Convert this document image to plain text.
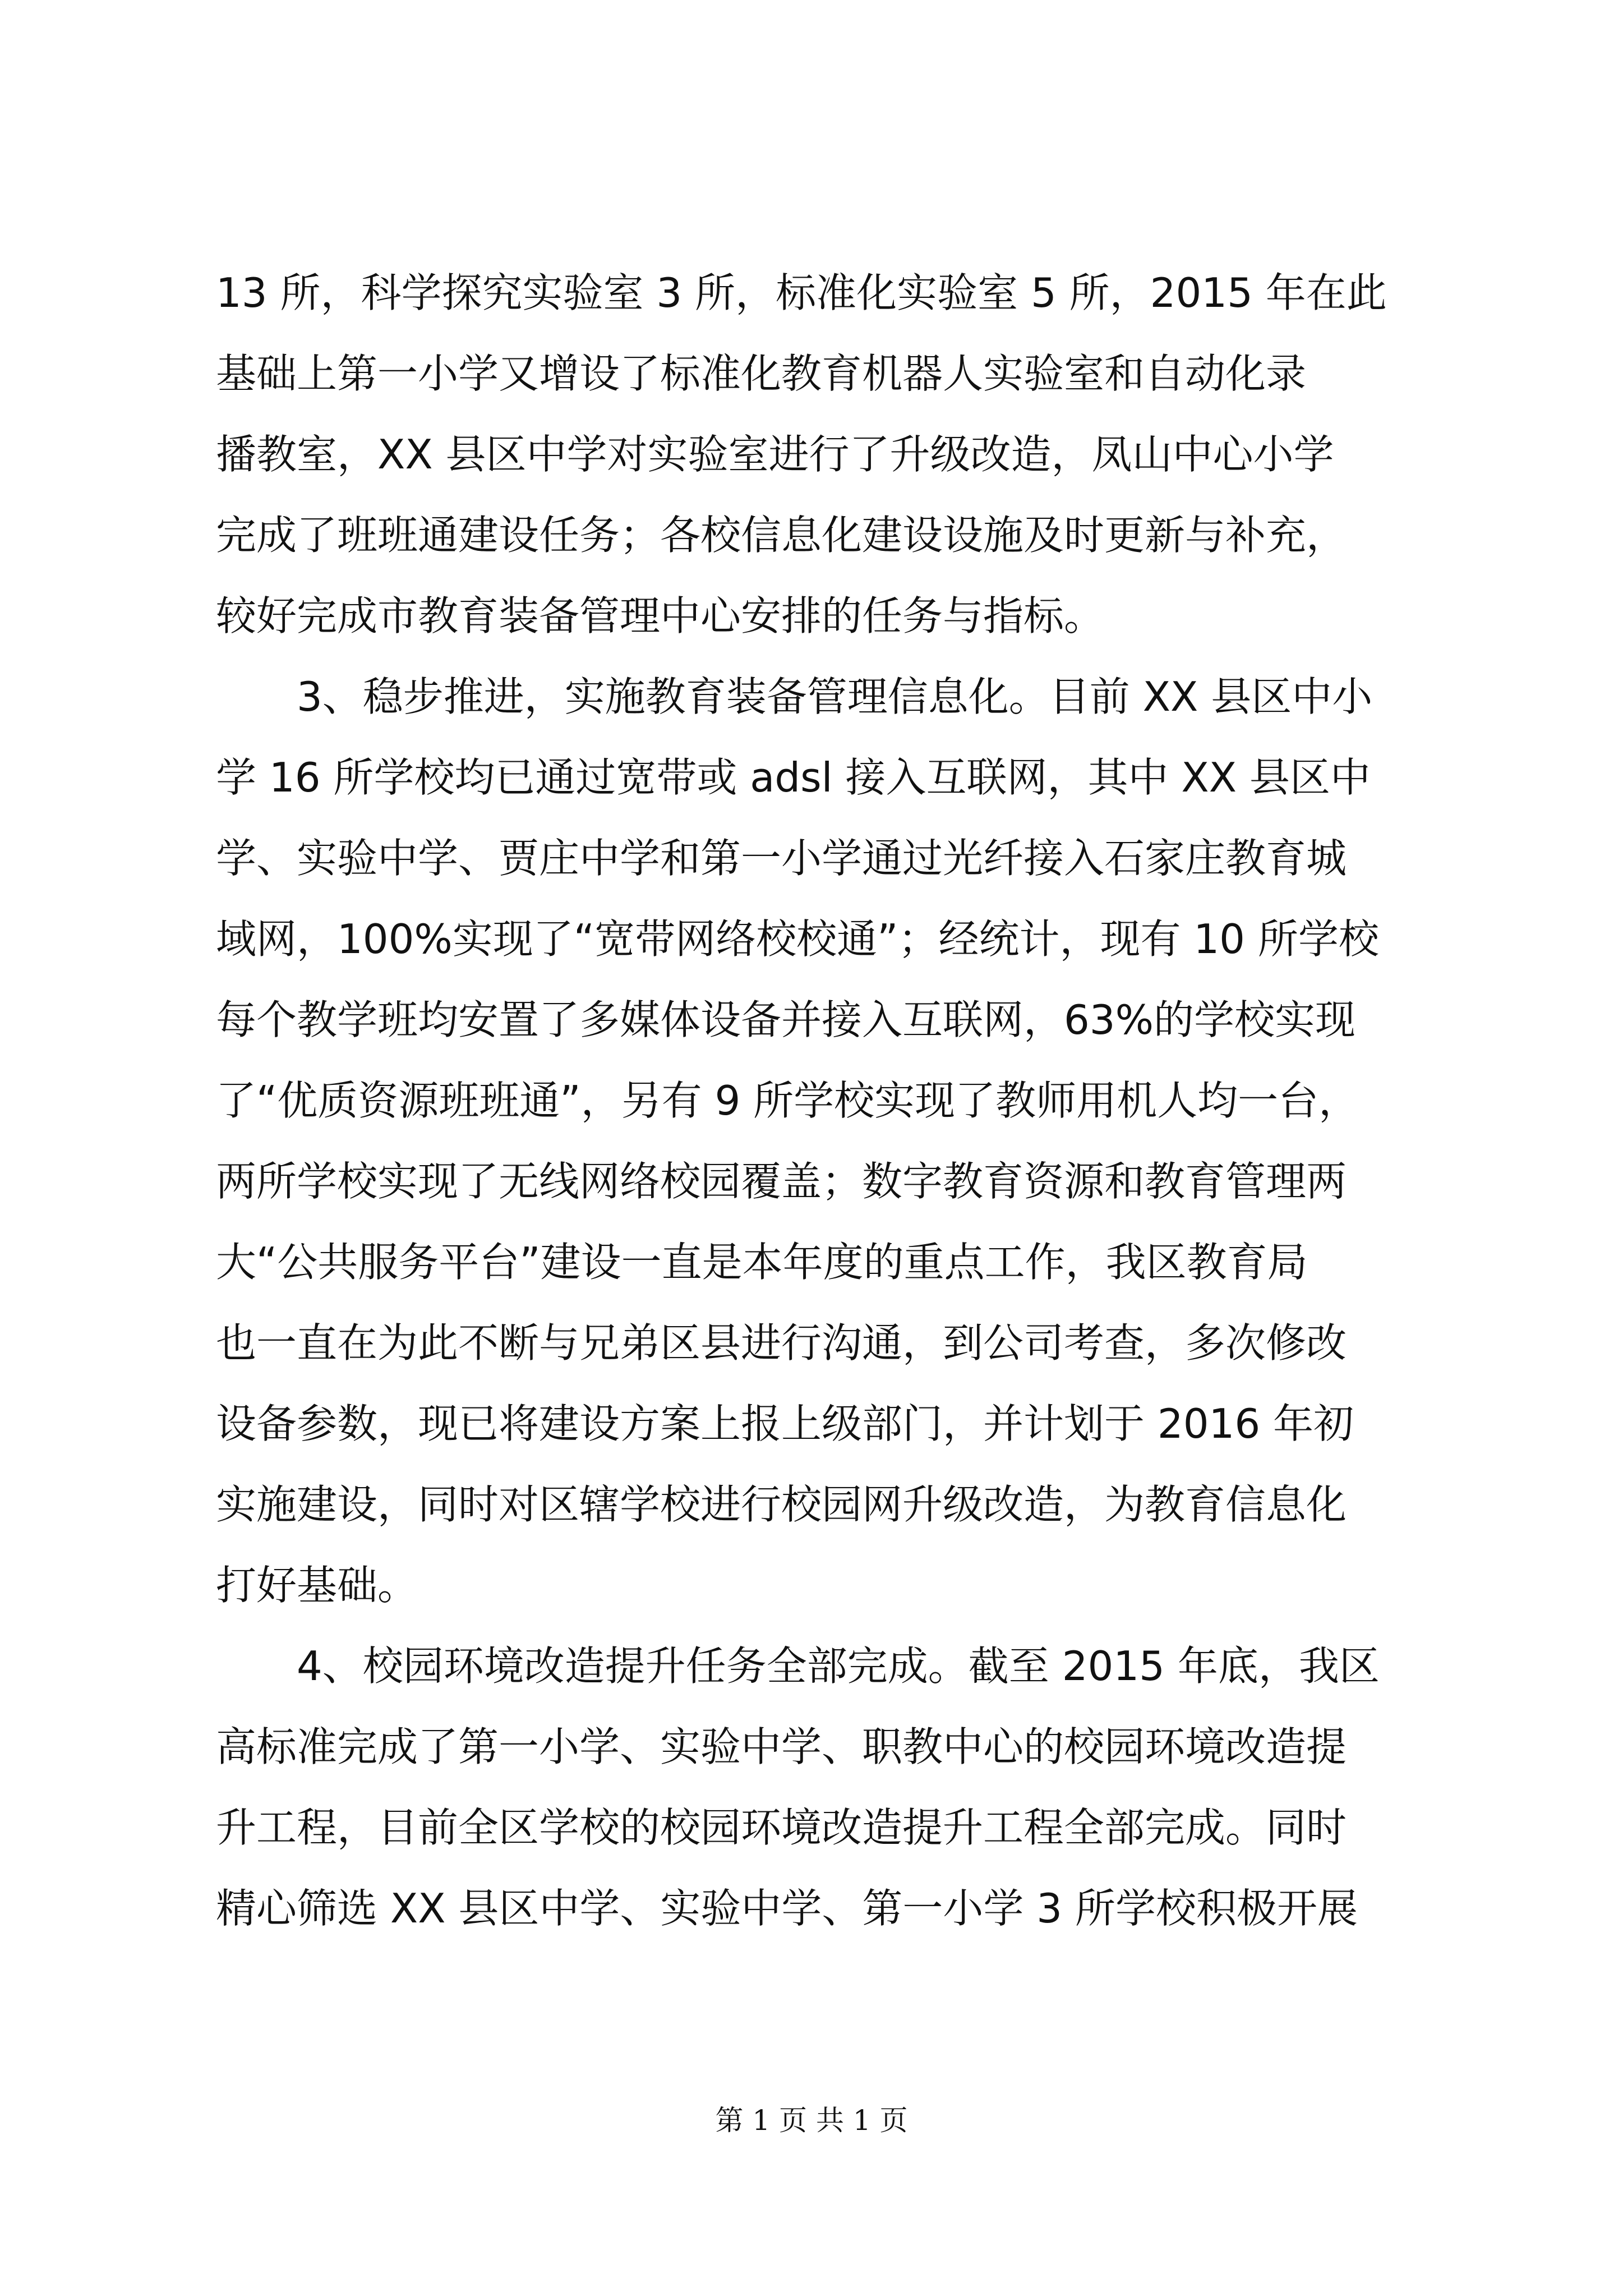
13 所，科学探究实验室 3 所，标准化实验室 5 所，2015 年在此
基础上第一小学又增设了标准化教育机器人实验室和自动化录
播教室，XX 县区中学对实验室进行了升级改造，凤山中心小学
完成了班班通建设任务；各校信息化建设设施及时更新与补充，
较好完成市教育装备管理中心安排的任务与指标。
3、稳步推进，实施教育装备管理信息化。目前 XX 县区中小
学 16 所学校均已通过宽带或 adsl 接入互联网，其中 XX 县区中
学、实验中学、贾庄中学和第一小学通过光纤接入石家庄教育城
域网，100%实现了“宽带网络校校通”；经统计，现有 10 所学校
每个教学班均安置了多媒体设备并接入互联网，63%的学校实现
了“优质资源班班通”，另有 9 所学校实现了教师用机人均一台，
两所学校实现了无线网络校园覆盖；数字教育资源和教育管理两
大“公共服务平台”建设一直是本年度的重点工作，我区教育局
也一直在为此不断与兄弟区县进行沟通，到公司考查，多次修改
设备参数，现已将建设方案上报上级部门，并计划于 2016 年初
实施建设，同时对区辖学校进行校园网升级改造，为教育信息化
打好基础。
4、校园环境改造提升任务全部完成。截至 2015 年底，我区
高标准完成了第一小学、实验中学、职教中心的校园环境改造提
升工程，目前全区学校的校园环境改造提升工程全部完成。同时
精心筛选 XX 县区中学、实验中学、第一小学 3 所学校积极开展
第 1 页 共 1 页
